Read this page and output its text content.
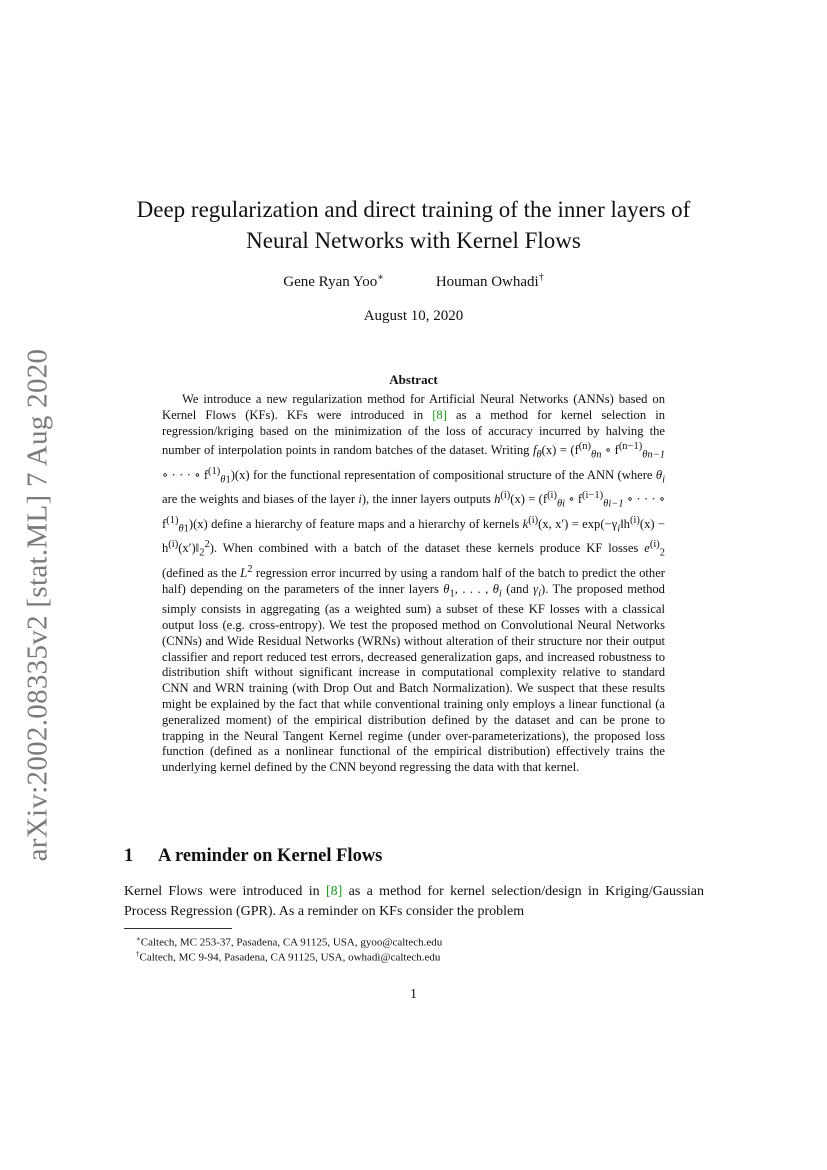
arXiv:2002.08335v2 [stat.ML] 7 Aug 2020
Deep regularization and direct training of the inner layers of
Neural Networks with Kernel Flows
Gene Ryan Yoo∗	Houman Owhadi†
August 10, 2020
Abstract

We introduce a new regularization method for Artificial Neural Networks (ANNs) based on Kernel Flows (KFs). KFs were introduced in [8] as a method for kernel selection in regression/kriging based on the minimization of the loss of accuracy incurred by halving the number of interpolation points in random batches of the dataset. Writing $f_\theta(x) = (f^{(n)}_{\theta n}$ ∘ $f^{(n-1)}_{\theta n-1}$ ∘ · · · ∘ $f^{(1)}_{\theta 1})(x)$ for the functional representation of compositional structure of the ANN (where $\theta_i$ are the weights and biases of the layer i), the inner layers outputs $h^{(i)}(x) = (f^{(i)}_{\theta i}$ ∘ $f^{(i-1)}_{\theta i-1}$ ∘ · · · ∘ $f^{(1)}_{\theta 1})(x)$ define a hierarchy of feature maps and a hierarchy of kernels $k^{(i)}(x$, $x') = \exp(-\gamma_i‖h^{(i)}(x)$ − $h^{(i)}(x')‖_2^2$). When combined with a batch of the dataset these kernels produce KF losses $e^{(i)}_2$ (defined as the $L^2$ regression error incurred by using a random half of the batch to predict the other half) depending on the parameters of the inner layers $\theta_1$, . . . , $\theta_i$ (and $\gamma_i$). The proposed method simply consists in aggregating (as a weighted sum) a subset of these KF losses with a classical output loss (e.g. cross-entropy). We test the proposed method on Convolutional Neural Networks (CNNs) and Wide Residual Networks (WRNs) without alteration of their structure nor their output classifier and report reduced test errors, decreased generalization gaps, and increased robustness to distribution shift without significant increase in computational complexity relative to standard CNN and WRN training (with Drop Out and Batch Normalization). We suspect that these results might be explained by the fact that while conventional training only employs a linear functional (a generalized moment) of the empirical distribution defined by the dataset and can be prone to trapping in the Neural Tangent Kernel regime (under over-parameterizations), the proposed loss function (defined as a nonlinear functional of the empirical distribution) effectively trains the underlying kernel defined by the CNN beyond regressing the data with that kernel.

1 A reminder on Kernel Flows

Kernel Flows were introduced in [8] as a method for kernel selection/design in Kriging/Gaussian Process Regression (GPR). As a reminder on KFs consider the problem

∗Caltech, MC 253-37, Pasadena, CA 91125, USA, gyoo@caltech.edu
†Caltech, MC 9-94, Pasadena, CA 91125, USA, owhadi@caltech.edu
1
